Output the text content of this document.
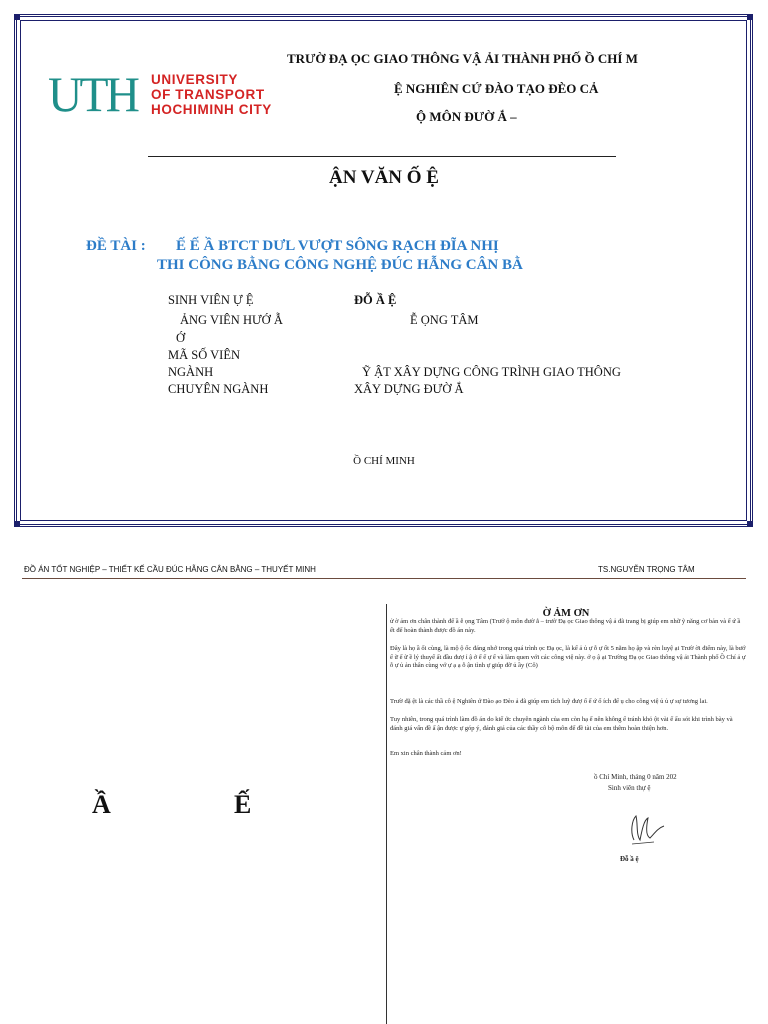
UTH UNIVERSITY
OF TRANSPORT
HOCHIMINH CITY
TRƯỜ ĐẠ ỌC GIAO THÔNG VẬ ẢI THÀNH PHỐ Ồ CHÍ M
Ệ NGHIÊN CỨ ĐÀO TẠO ĐÈO CẢ
Ộ MÔN ĐƯỜ Ắ –
ẬN VĂN Ố Ệ
ĐỀ TÀI : Ế Ế Ầ BTCT DƯL VƯỢT SÔNG RẠCH ĐĨA NHỊ
THI CÔNG BẰNG CÔNG NGHỆ ĐÚC HẪNG CÂN BẰ
SINH VIÊN Ự Ệ	ĐỖ Ầ Ệ
ẢNG VIÊN HƯỚ Ẫ	Ễ ỌNG TÂM
Ớ
MÃ SỐ VIÊN
NGÀNH	Ỹ ẬT XÂY DỰNG CÔNG TRÌNH GIAO THÔNG
CHUYÊN NGÀNH	XÂY DỰNG ĐƯỜ Ắ
Ồ CHÍ MINH
ĐỒ ÁN TỐT NGHIỆP – THIẾT KẾ CẦU ĐÚC HẪNG CÂN BẰNG – THUYẾT MINH	TS.NGUYỄN TRỌNG TÂM
Ầ	Ế
Ờ ẢM ƠN
ử ờ ảm ơn chân thành đế ầ ễ ọng Tâm (Trưở ộ môn đườ ắ – trườ Đạ ọc Giao thông vậ ả đã trang bị giúp em nhữ ỹ năng cơ bản và ế ứ ầ ết để hoàn thành được đồ án này.
Đây là họ ầ ối cùng, là mộ ộ ốc đáng nhớ trong quá trình ọc Đạ ọc, là kế ả ủ ự ỗ ự ốt 5 năm họ ập và rèn luyệ ại Trườ ời điểm này, là bướ ể ữ ế ữ ề lý thuyế ất đầu đượ ỉ ậ ở ế ế ự ế và làm quen với các công việ này. ở ọ ậ ại Trường Đạ ọc Giao thông vậ ải Thành phố Ồ Chí ả ự ỗ ự ủ ản thân cùng vớ ự ạ ạ ỗ ận tình ự giúp đỡ ủ ầy (Cô)
Trườ đặ ệt là các thầ cô ệ Nghiên ứ Đào ạo Đèo ả đã giúp em tích luỹ đượ ố ế ứ ổ ích để ụ cho công việ ủ ủ ự sự tương lai.
Tuy nhiên, trong quá trình làm đồ án do kiế ức chuyên ngành của em còn hạ ế nên không ể tránh khỏ ột vài ế ẩu sót khi trình bày và đánh giá vấn đề ấ ận được ự góp ý, đánh giá của các thầy cô bộ môn để đề tài của em thêm hoàn thiện hơn.
Em xin chân thành cảm ơn!
ồ Chí Minh, tháng 0 năm 202
Sinh viên thự ệ
Đỗ ầ ệ
